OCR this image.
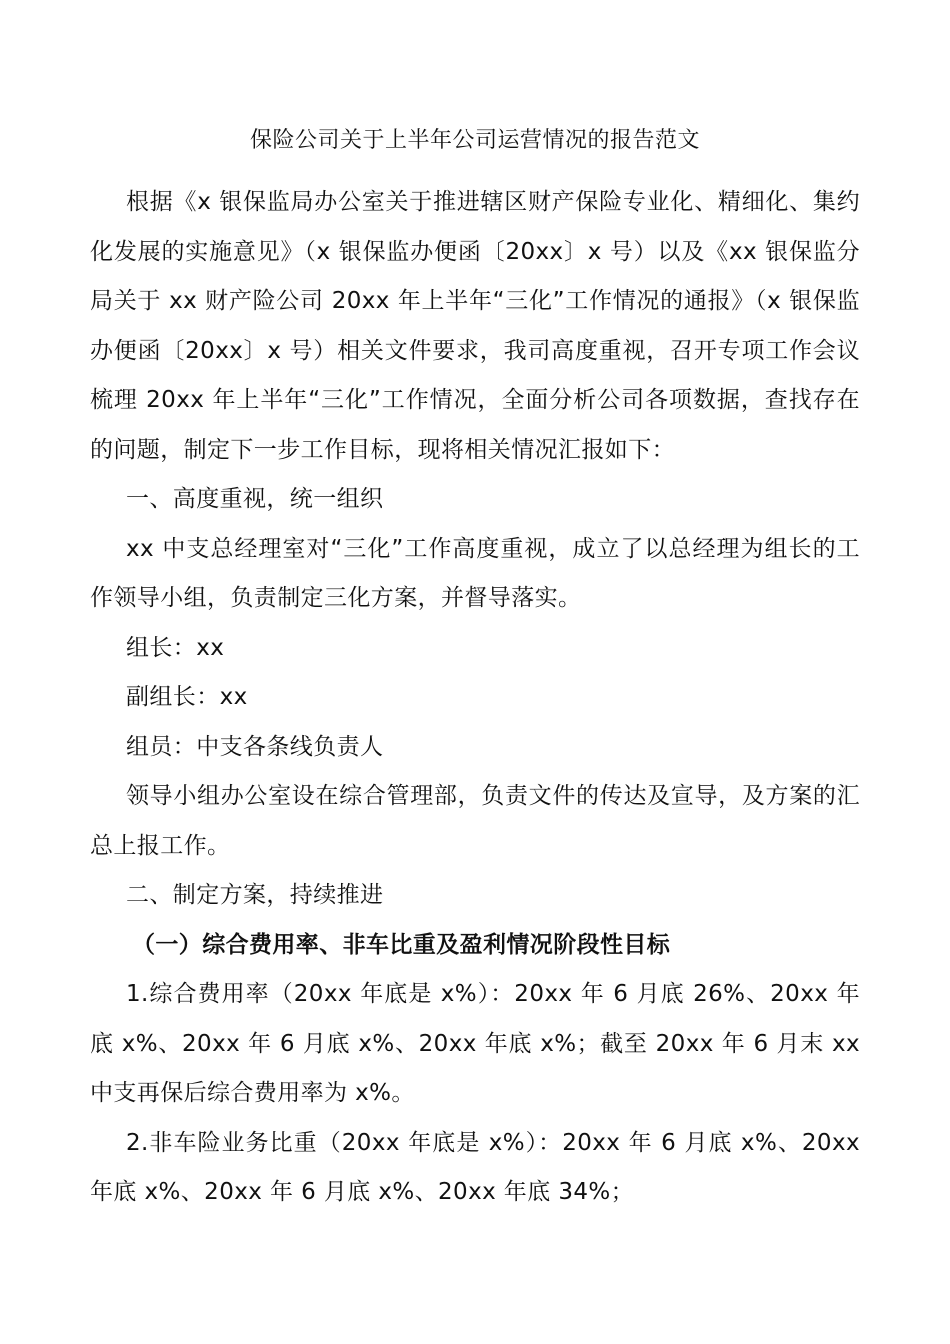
保险公司关于上半年公司运营情况的报告范文

根据《x 银保监局办公室关于推进辖区财产保险专业化、精细化、集约化发展的实施意见》（x 银保监办便函〔20xx〕x 号）以及《xx 银保监分局关于 xx 财产险公司 20xx 年上半年“三化”工作情况的通报》（x 银保监办便函〔20xx〕x 号）相关文件要求，我司高度重视，召开专项工作会议梳理 20xx 年上半年“三化”工作情况，全面分析公司各项数据，查找存在的问题，制定下一步工作目标，现将相关情况汇报如下：

一、高度重视，统一组织

xx 中支总经理室对“三化”工作高度重视，成立了以总经理为组长的工作领导小组，负责制定三化方案，并督导落实。

组长：xx

副组长：xx

组员：中支各条线负责人

领导小组办公室设在综合管理部，负责文件的传达及宣导，及方案的汇总上报工作。

二、制定方案，持续推进

（一）综合费用率、非车比重及盈利情况阶段性目标

1.综合费用率（20xx 年底是 x%）：20xx 年 6 月底 26%、20xx 年底 x%、20xx 年 6 月底 x%、20xx 年底 x%；截至 20xx 年 6 月末 xx 中支再保后综合费用率为 x%。

2.非车险业务比重（20xx 年底是 x%）：20xx 年 6 月底 x%、20xx 年底 x%、20xx 年 6 月底 x%、20xx 年底 34%；
